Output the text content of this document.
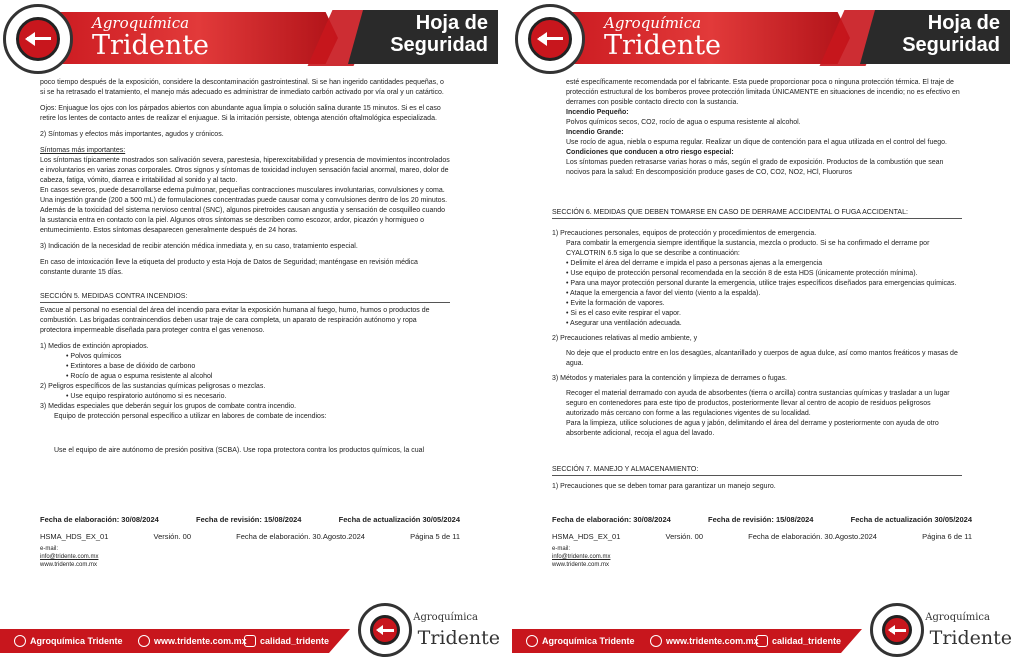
Agroquímica
Tridente
Hoja de
Seguridad

poco tiempo después de la exposición, considere la descontaminación gastrointestinal. Si se han ingerido cantidades pequeñas, o si se ha retrasado el tratamiento, el manejo más adecuado es administrar de inmediato carbón activado por vía oral y un catártico.

Ojos: Enjuague los ojos con los párpados abiertos con abundante agua limpia o solución salina durante 15 minutos. Si es el caso retire los lentes de contacto antes de realizar el enjuague. Si la irritación persiste, obtenga atención oftalmológica especializada.

2) Síntomas y efectos más importantes, agudos y crónicos.

Síntomas más importantes:
Los síntomas típicamente mostrados son salivación severa, parestesia, hiperexcitabilidad y presencia de movimientos incontrolados e involuntarios en varias zonas corporales. Otros signos y síntomas de toxicidad incluyen sensación facial anormal, mareo, dolor de cabeza, fatiga, vómito, diarrea e irritabilidad al sonido y al tacto.
En casos severos, puede desarrollarse edema pulmonar, pequeñas contracciones musculares involuntarias, convulsiones y coma. Una ingestión grande (200 a 500 mL) de formulaciones concentradas puede causar coma y convulsiones dentro de los 20 minutos.

Además de la toxicidad del sistema nervioso central (SNC), algunos piretroides causan angustia y sensación de cosquilleo cuando la sustancia entra en contacto con la piel. Algunos otros síntomas se describen como escozor, ardor, picazón y hormigueo o entumecimiento. Estos síntomas desaparecen generalmente después de 24 horas.

3) Indicación de la necesidad de recibir atención médica inmediata y, en su caso, tratamiento especial.

En caso de intoxicación lleve la etiqueta del producto y esta Hoja de Datos de Seguridad; manténgase en revisión médica constante durante 15 días.

SECCIÓN 5. MEDIDAS CONTRA INCENDIOS:

Evacue al personal no esencial del área del incendio para evitar la exposición humana al fuego, humo, humos o productos de combustión. Las brigadas contraincendios deben usar traje de cara completa, un aparato de respiración autónomo y ropa protectora impermeable diseñada para proteger contra el gas venenoso.

1) Medios de extinción apropiados.
• Polvos químicos
• Extintores a base de dióxido de carbono
• Rocío de agua o espuma resistente al alcohol
2) Peligros específicos de las sustancias químicas peligrosas o mezclas.
• Use equipo respiratorio autónomo si es necesario.
3) Medidas especiales que deberán seguir los grupos de combate contra incendio.
Equipo de protección personal específico a utilizar en labores de combate de incendios:
Use el equipo de aire autónomo de presión positiva (SCBA). Use ropa protectora contra los productos químicos, la cual
Fecha de elaboración: 30/08/2024	Fecha de revisión: 15/08/2024	Fecha de actualización 30/05/2024
HSMA_HDS_EX_01	Versión. 00	Fecha de elaboración. 30.Agosto.2024	Página 5 de 11
e-mail:
info@tridente.com.mx
www.tridente.com.mx
Agroquímica Tridente	www.tridente.com.mx calidad_tridente
Agroquímica
Tridente
Agroquímica
Tridente
Hoja de
Seguridad
esté específicamente recomendada por el fabricante. Esta puede proporcionar poca o ninguna protección térmica. El traje de protección estructural de los bomberos provee protección limitada ÚNICAMENTE en situaciones de incendio; no es efectivo en derrames con posible contacto directo con la sustancia.
Incendio Pequeño:
Polvos químicos secos, CO2, rocío de agua o espuma resistente al alcohol.
Incendio Grande:
Use rocío de agua, niebla o espuma regular. Realizar un dique de contención para el agua utilizada en el control del fuego.
Condiciones que conducen a otro riesgo especial:
Los síntomas pueden retrasarse varias horas o más, según el grado de exposición. Productos de la combustión que sean nocivos para la salud: En descomposición produce gases de CO, CO2, NO2, HCl, Fluoruros
SECCIÓN 6. MEDIDAS QUE DEBEN TOMARSE EN CASO DE DERRAME ACCIDENTAL O FUGA ACCIDENTAL:
1) Precauciones personales, equipos de protección y procedimientos de emergencia.
Para combatir la emergencia siempre identifique la sustancia, mezcla o producto. Si se ha confirmado el derrame por CYALOTRIN 6.5 siga lo que se describe a continuación:
• Delimite el área del derrame e impida el paso a personas ajenas a la emergencia
• Use equipo de protección personal recomendada en la sección 8 de esta HDS (únicamente protección mínima).
• Para una mayor protección personal durante la emergencia, utilice trajes específicos diseñados para emergencias químicas.
• Ataque la emergencia a favor del viento (viento a la espalda).
• Evite la formación de vapores.
• Si es el caso evite respirar el vapor.
• Asegurar una ventilación adecuada.
2) Precauciones relativas al medio ambiente, y
No deje que el producto entre en los desagües, alcantarillado y cuerpos de agua dulce, así como mantos freáticos y masas de agua.
3) Métodos y materiales para la contención y limpieza de derrames o fugas.
Recoger el material derramado con ayuda de absorbentes (tierra o arcilla) contra sustancias químicas y trasladar a un lugar seguro en contenedores para este tipo de productos, posteriormente llevar al centro de acopio de residuos peligrosos autorizado más cercano con forme a las regulaciones vigentes de su localidad.
Para la limpieza, utilice soluciones de agua y jabón, delimitando el área del derrame y posteriormente con ayuda de otro absorbente adicional, recoja el agua del lavado.
SECCIÓN 7. MANEJO Y ALMACENAMIENTO:
1) Precauciones que se deben tomar para garantizar un manejo seguro.
Fecha de elaboración: 30/08/2024	Fecha de revisión: 15/08/2024	Fecha de actualización 30/05/2024
HSMA_HDS_EX_01	Versión. 00	Fecha de elaboración. 30.Agosto.2024	Página 6 de 11
e-mail:
info@tridente.com.mx
www.tridente.com.mx
Agroquímica Tridente	www.tridente.com.mx calidad_tridente
Agroquímica
Tridente
